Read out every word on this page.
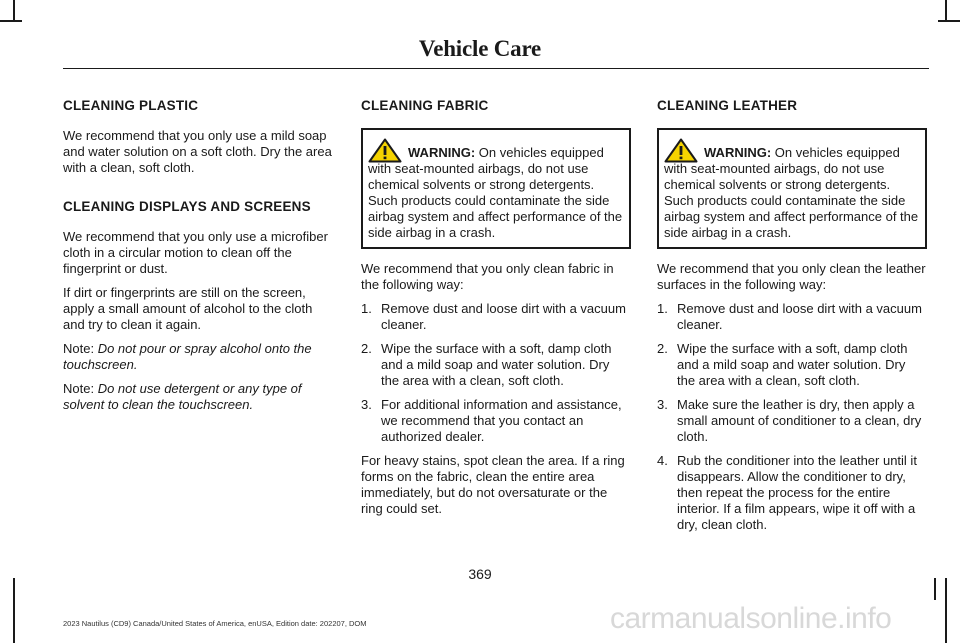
Vehicle Care
CLEANING PLASTIC

We recommend that you only use a mild soap and water solution on a soft cloth. Dry the area with a clean, soft cloth.

CLEANING DISPLAYS AND SCREENS

We recommend that you only use a microfiber cloth in a circular motion to clean off the fingerprint or dust.

If dirt or fingerprints are still on the screen, apply a small amount of alcohol to the cloth and try to clean it again.

Note: Do not pour or spray alcohol onto the touchscreen.

Note: Do not use detergent or any type of solvent to clean the touchscreen.

CLEANING FABRIC
WARNING: On vehicles equipped
with seat-mounted airbags, do not use chemical solvents or strong detergents. Such products could contaminate the side airbag system and affect performance of the side airbag in a crash.

We recommend that you only clean fabric in the following way:

1. Remove dust and loose dirt with a vacuum cleaner.
2. Wipe the surface with a soft, damp cloth and a mild soap and water solution. Dry the area with a clean, soft cloth.
3. For additional information and assistance, we recommend that you contact an authorized dealer.

For heavy stains, spot clean the area. If a ring forms on the fabric, clean the entire area immediately, but do not oversaturate or the ring could set.

CLEANING LEATHER
WARNING: On vehicles equipped
with seat-mounted airbags, do not use chemical solvents or strong detergents. Such products could contaminate the side airbag system and affect performance of the side airbag in a crash.

We recommend that you only clean the leather surfaces in the following way:

1. Remove dust and loose dirt with a vacuum cleaner.
2. Wipe the surface with a soft, damp cloth and a mild soap and water solution. Dry the area with a clean, soft cloth.
3. Make sure the leather is dry, then apply a small amount of conditioner to a clean, dry cloth.
4. Rub the conditioner into the leather until it disappears. Allow the conditioner to dry, then repeat the process for the entire interior. If a film appears, wipe it off with a dry, clean cloth.
369
2023 Nautilus (CD9) Canada/United States of America, enUSA, Edition date: 202207, DOM	carmanualsonline.info
